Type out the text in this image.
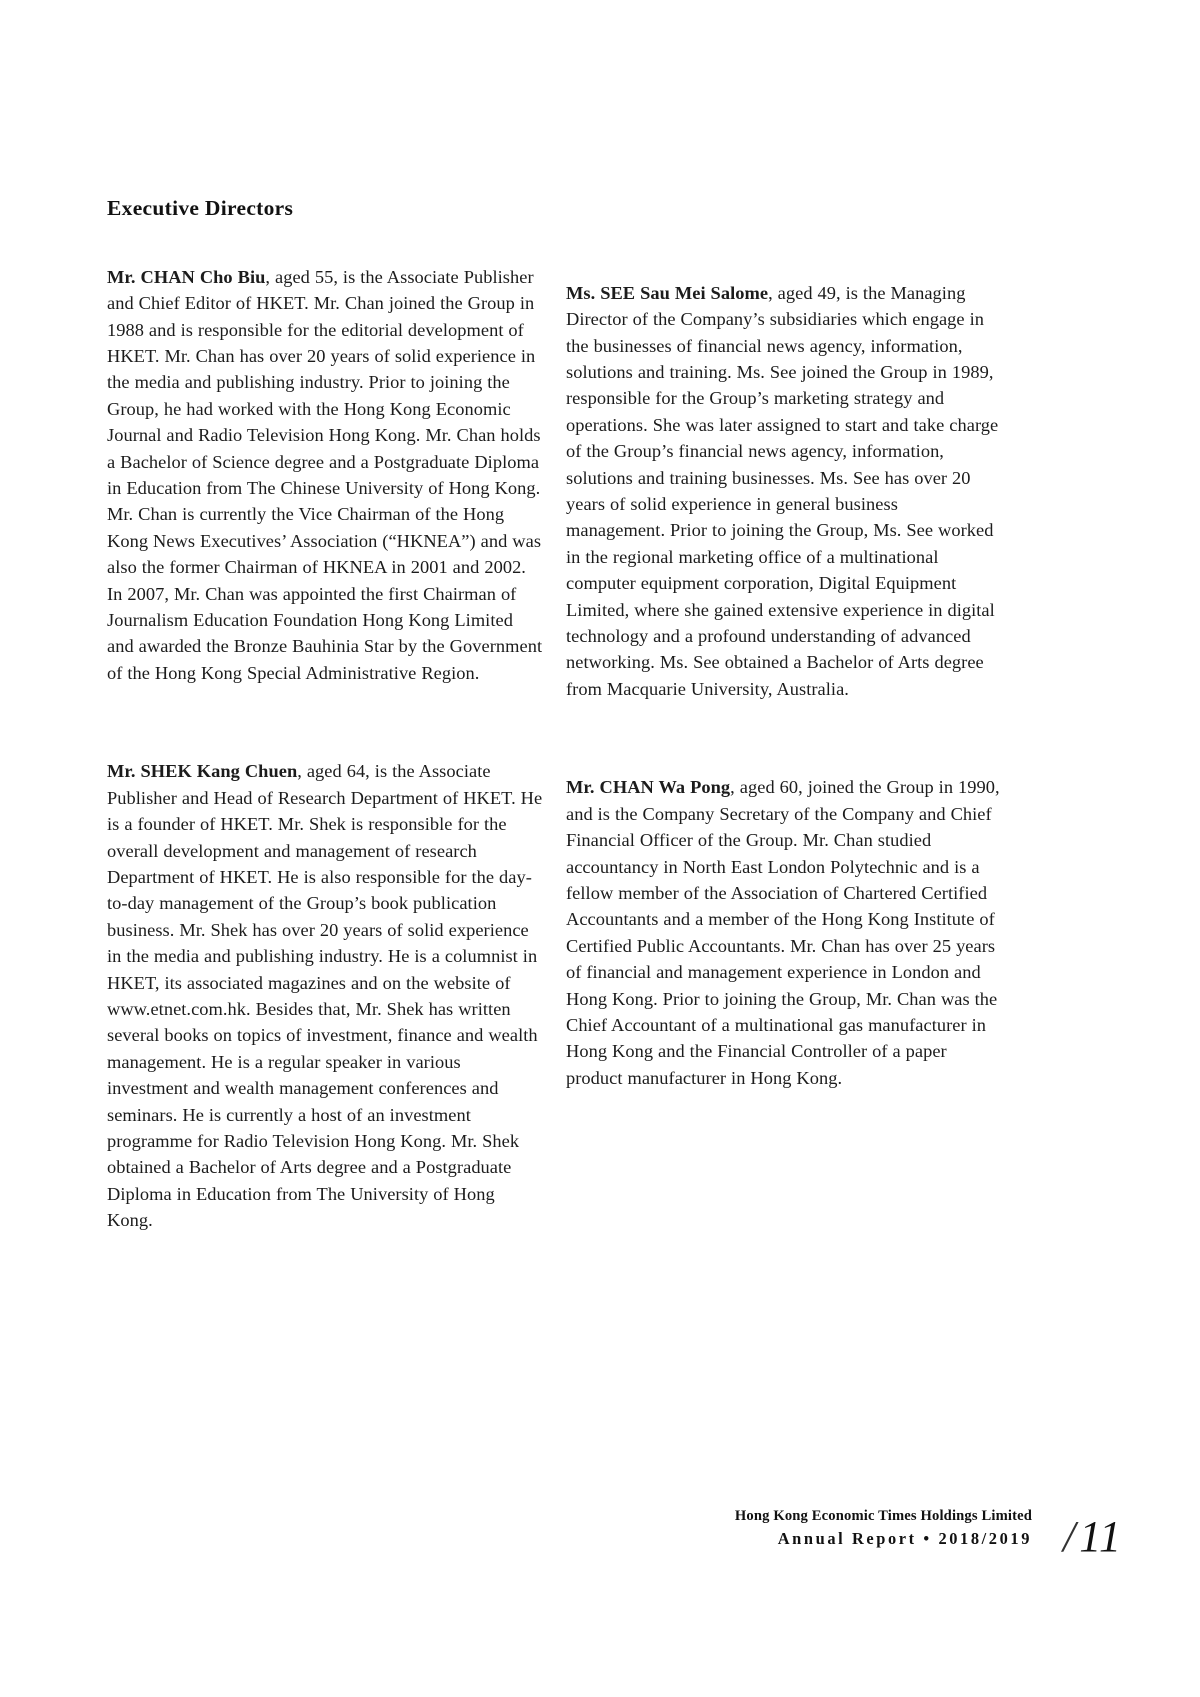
Executive Directors

Mr. CHAN Cho Biu, aged 55, is the Associate Publisher and Chief Editor of HKET. Mr. Chan joined the Group in 1988 and is responsible for the editorial development of HKET. Mr. Chan has over 20 years of solid experience in the media and publishing industry. Prior to joining the Group, he had worked with the Hong Kong Economic Journal and Radio Television Hong Kong. Mr. Chan holds a Bachelor of Science degree and a Postgraduate Diploma in Education from The Chinese University of Hong Kong. Mr. Chan is currently the Vice Chairman of the Hong Kong News Executives’ Association (“HKNEA”) and was also the former Chairman of HKNEA in 2001 and 2002. In 2007, Mr. Chan was appointed the first Chairman of Journalism Education Foundation Hong Kong Limited and awarded the Bronze Bauhinia Star by the Government of the Hong Kong Special Administrative Region.

Mr. SHEK Kang Chuen, aged 64, is the Associate Publisher and Head of Research Department of HKET. He is a founder of HKET. Mr. Shek is responsible for the overall development and management of research Department of HKET. He is also responsible for the day-to-day management of the Group’s book publication business. Mr. Shek has over 20 years of solid experience in the media and publishing industry. He is a columnist in HKET, its associated magazines and on the website of www.etnet.com.hk. Besides that, Mr. Shek has written several books on topics of investment, finance and wealth management. He is a regular speaker in various investment and wealth management conferences and seminars. He is currently a host of an investment programme for Radio Television Hong Kong. Mr. Shek obtained a Bachelor of Arts degree and a Postgraduate Diploma in Education from The University of Hong Kong.

Ms. SEE Sau Mei Salome, aged 49, is the Managing Director of the Company’s subsidiaries which engage in the businesses of financial news agency, information, solutions and training. Ms. See joined the Group in 1989, responsible for the Group’s marketing strategy and operations. She was later assigned to start and take charge of the Group’s financial news agency, information, solutions and training businesses. Ms. See has over 20 years of solid experience in general business management. Prior to joining the Group, Ms. See worked in the regional marketing office of a multinational computer equipment corporation, Digital Equipment Limited, where she gained extensive experience in digital technology and a profound understanding of advanced networking. Ms. See obtained a Bachelor of Arts degree from Macquarie University, Australia.

Mr. CHAN Wa Pong, aged 60, joined the Group in 1990, and is the Company Secretary of the Company and Chief Financial Officer of the Group. Mr. Chan studied accountancy in North East London Polytechnic and is a fellow member of the Association of Chartered Certified Accountants and a member of the Hong Kong Institute of Certified Public Accountants. Mr. Chan has over 25 years of financial and management experience in London and Hong Kong. Prior to joining the Group, Mr. Chan was the Chief Accountant of a multinational gas manufacturer in Hong Kong and the Financial Controller of a paper product manufacturer in Hong Kong.

Hong Kong Economic Times Holdings Limited
Annual Report • 2018/2019 / 11
